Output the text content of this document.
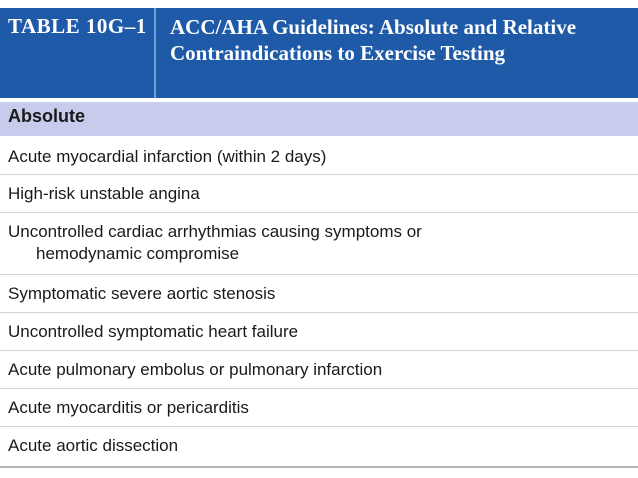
TABLE 10G–1	ACC/AHA Guidelines: Absolute and Relative Contraindications to Exercise Testing
Absolute
Acute myocardial infarction (within 2 days)
High-risk unstable angina
Uncontrolled cardiac arrhythmias causing symptoms or
hemodynamic compromise
Symptomatic severe aortic stenosis
Uncontrolled symptomatic heart failure
Acute pulmonary embolus or pulmonary infarction
Acute myocarditis or pericarditis
Acute aortic dissection
